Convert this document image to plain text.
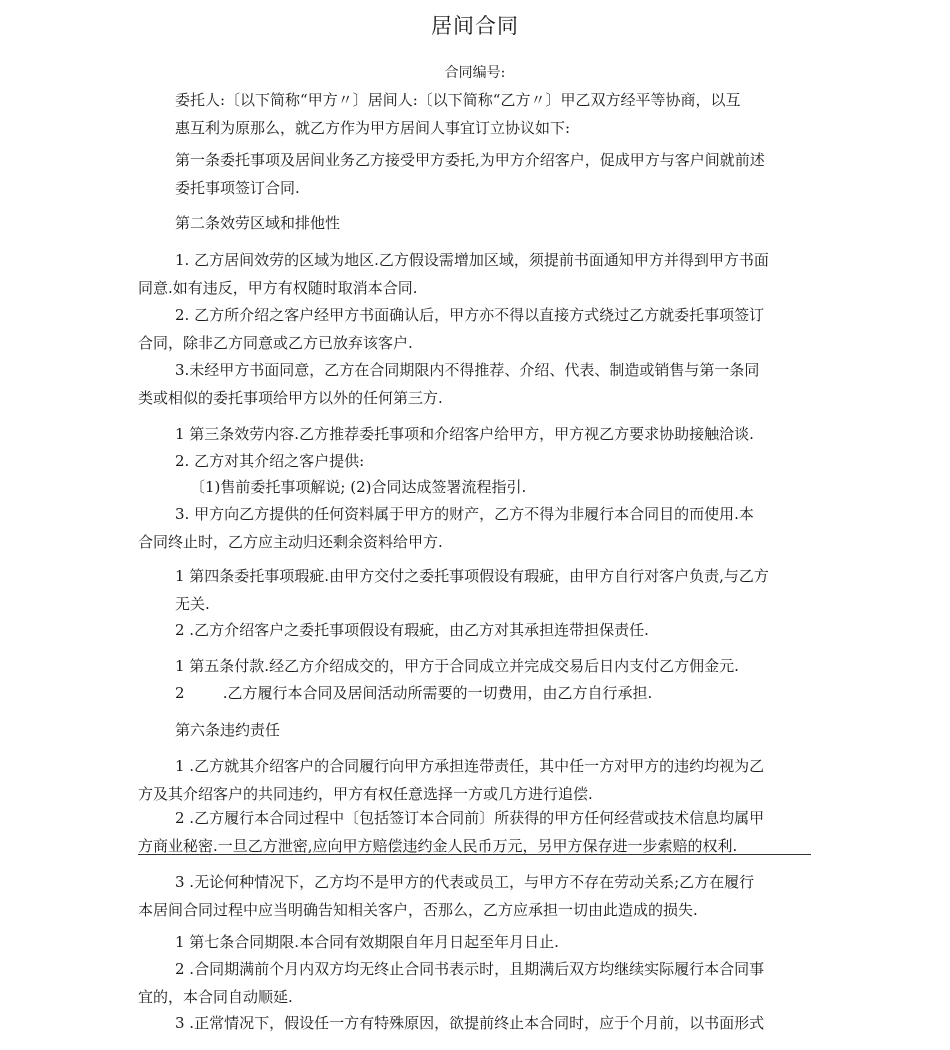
居间合同
合同编号:
委托人:〔以下简称“甲方〃〕居间人:〔以下简称“乙方〃〕甲乙双方经平等协商，以互
惠互利为原那么，就乙方作为甲方居间人事宜订立协议如下:
第一条委托事项及居间业务乙方接受甲方委托,为甲方介绍客户，促成甲方与客户间就前述
委托事项签订合同.
第二条效劳区域和排他性
1. 乙方居间效劳的区域为地区.乙方假设需增加区域，须提前书面通知甲方并得到甲方书面
同意.如有违反，甲方有权随时取消本合同.
2. 乙方所介绍之客户经甲方书面确认后，甲方亦不得以直接方式绕过乙方就委托事项签订
合同，除非乙方同意或乙方已放弃该客户.
3.未经甲方书面同意，乙方在合同期限内不得推荐、介绍、代表、制造或销售与第一条同
类或相似的委托事项给甲方以外的任何第三方.
1 第三条效劳内容.乙方推荐委托事项和介绍客户给甲方，甲方视乙方要求协助接触洽谈.
2. 乙方对其介绍之客户提供:
〔1)售前委托事项解说; (2)合同达成签署流程指引.
3. 甲方向乙方提供的任何资料属于甲方的财产，乙方不得为非履行本合同目的而使用.本
合同终止时，乙方应主动归还剩余资料给甲方.
1 第四条委托事项瑕疵.由甲方交付之委托事项假设有瑕疵，由甲方自行对客户负责,与乙方
无关.
2 .乙方介绍客户之委托事项假设有瑕疵，由乙方对其承担连带担保责任.
1 第五条付款.经乙方介绍成交的，甲方于合同成立并完成交易后日内支付乙方佣金元.
2        .乙方履行本合同及居间活动所需要的一切费用，由乙方自行承担.
第六条违约责任
1 .乙方就其介绍客户的合同履行向甲方承担连带责任，其中任一方对甲方的违约均视为乙
方及其介绍客户的共同违约，甲方有权任意选择一方或几方进行追偿.
2 .乙方履行本合同过程中〔包括签订本合同前〕所获得的甲方任何经营或技术信息均属甲
方商业秘密.一旦乙方泄密,应向甲方赔偿违约金人民币万元，另甲方保存进一步索赔的权利.
3 .无论何种情况下，乙方均不是甲方的代表或员工，与甲方不存在劳动关系;乙方在履行
本居间合同过程中应当明确告知相关客户，否那么，乙方应承担一切由此造成的损失.
1 第七条合同期限.本合同有效期限自年月日起至年月日止.
2 .合同期满前个月内双方均无终止合同书表示时，且期满后双方均继续实际履行本合同事
宜的，本合同自动顺延.
3 .正常情况下，假设任一方有特殊原因，欲提前终止本合同时，应于个月前，以书面形式
